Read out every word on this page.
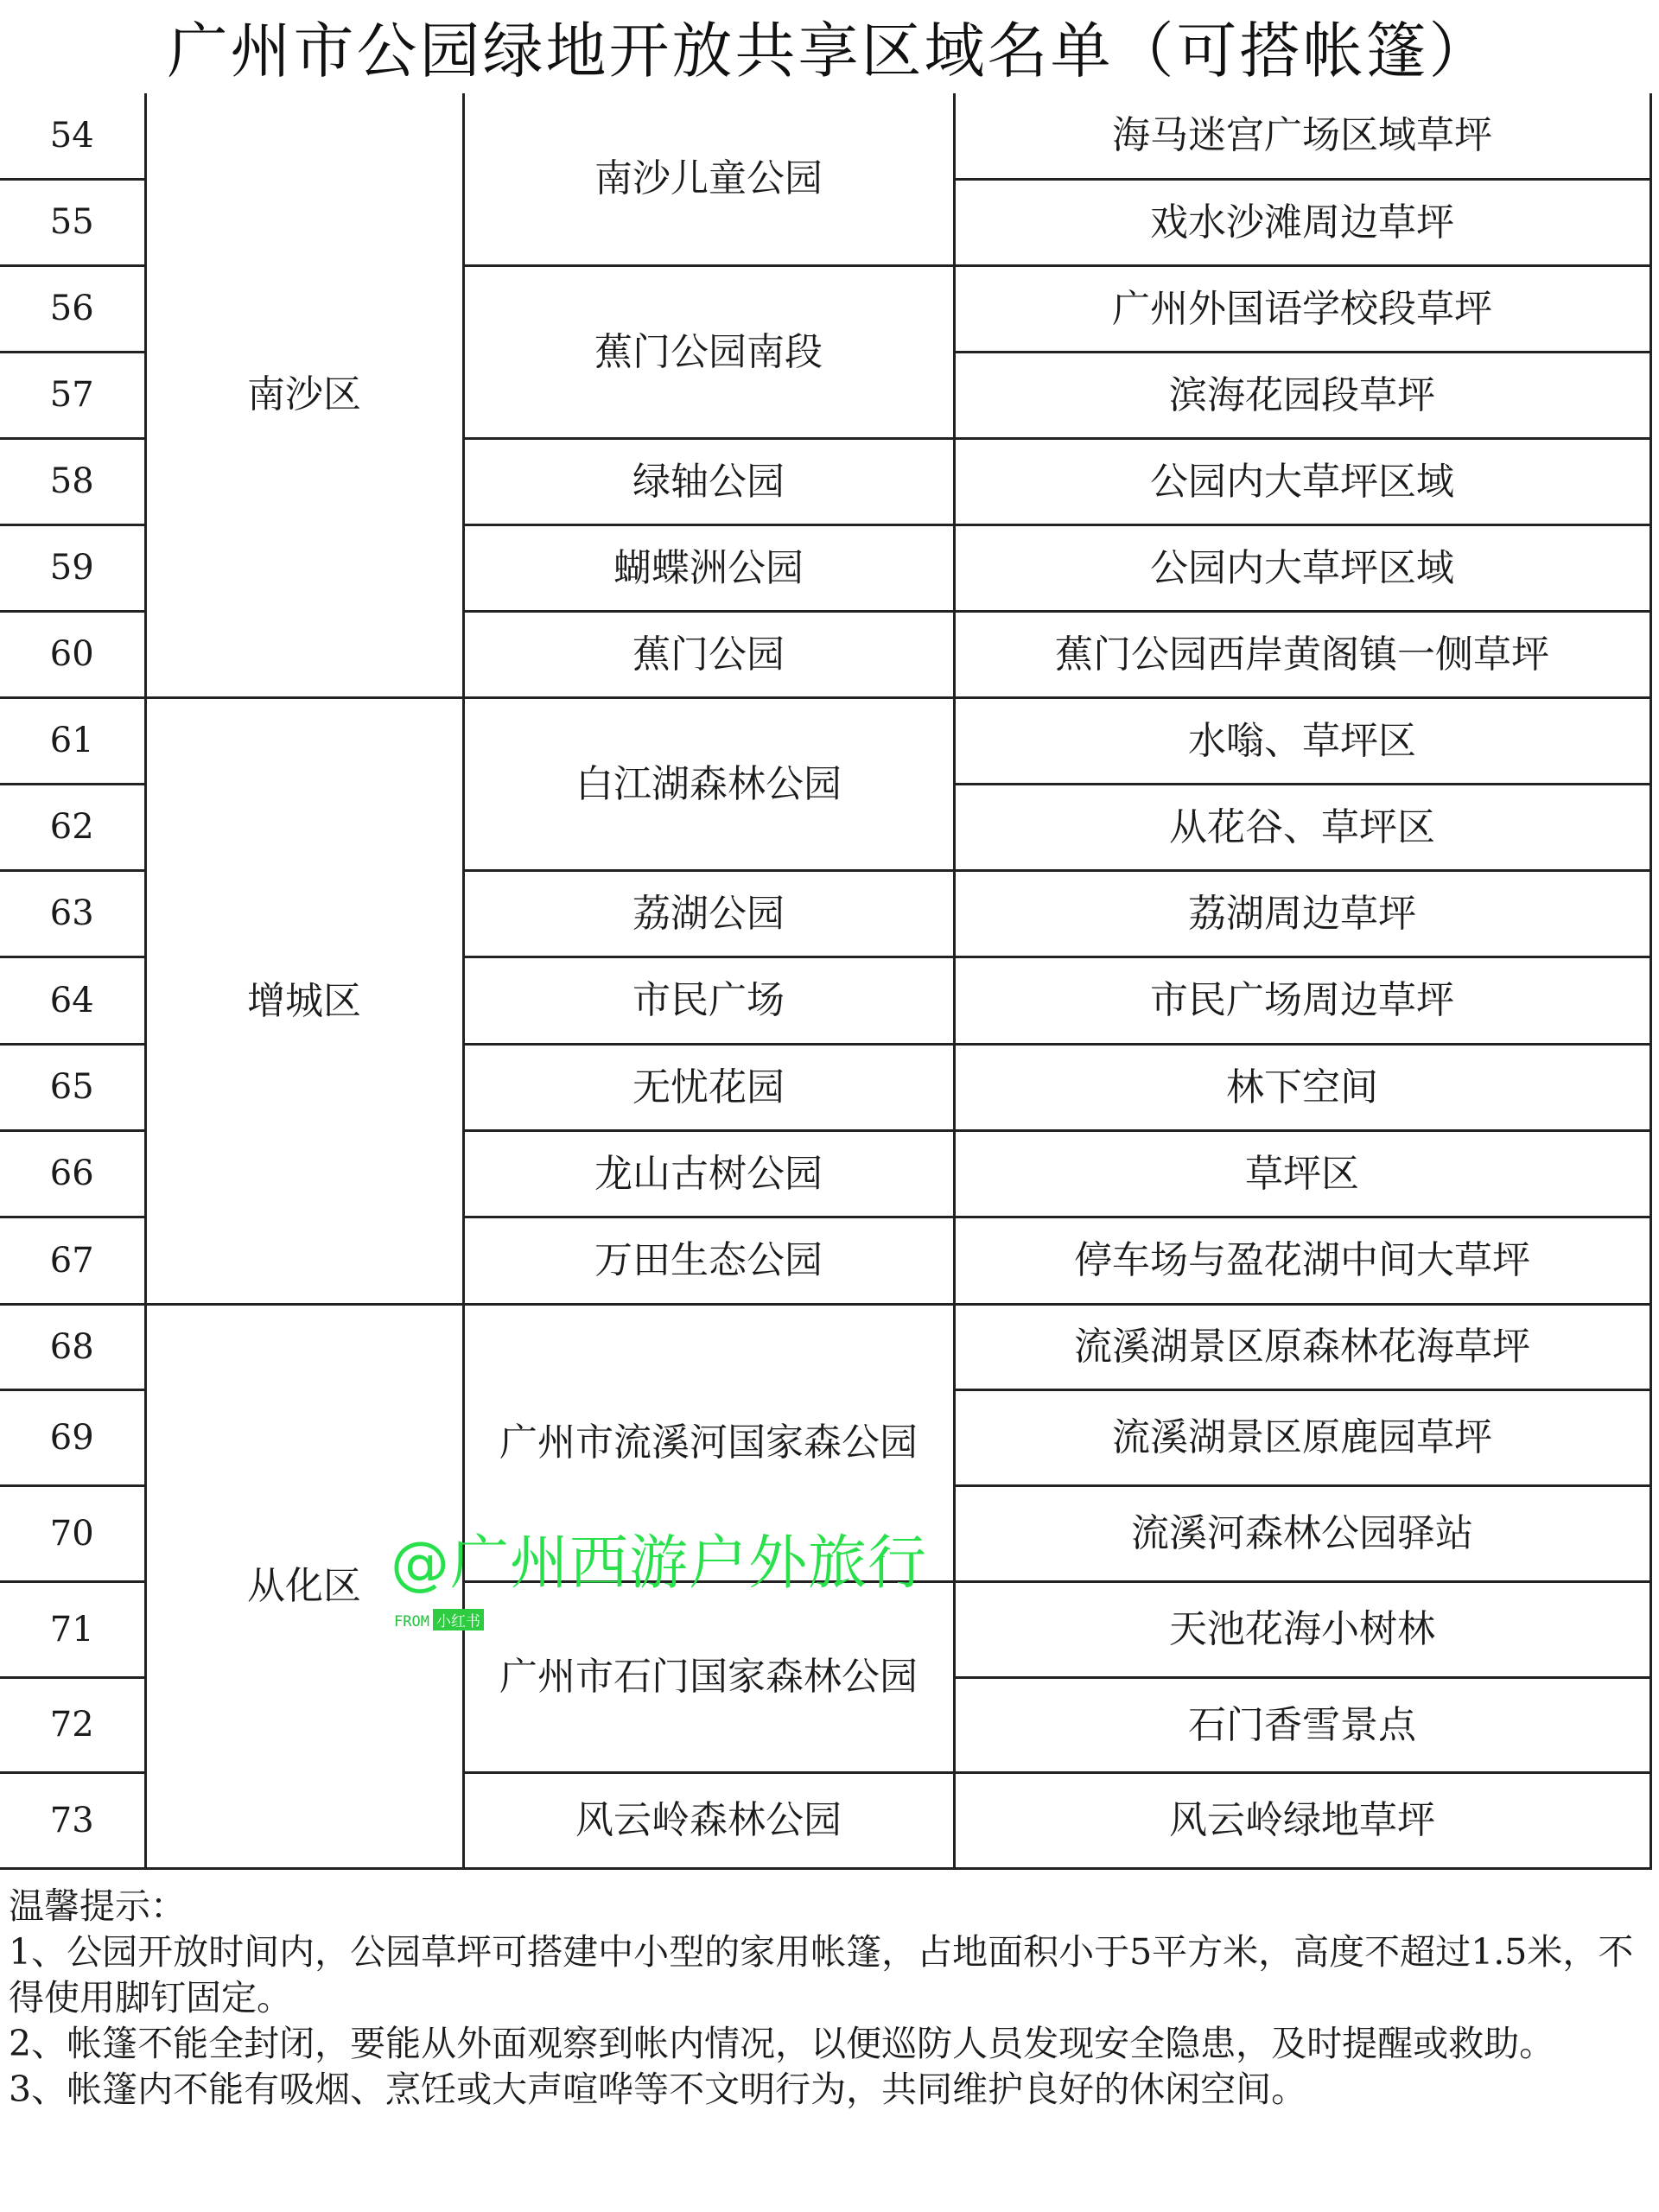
广州市公园绿地开放共享区域名单（可搭帐篷）
54	南沙区	南沙儿童公园	海马迷宫广场区域草坪
55			戏水沙滩周边草坪
56		蕉门公园南段	广州外国语学校段草坪
57			滨海花园段草坪
58		绿轴公园	公园内大草坪区域
59		蝴蝶洲公园	公园内大草坪区域
60		蕉门公园	蕉门公园西岸黄阁镇一侧草坪
61	增城区	白江湖森林公园	水嗡、草坪区
62			从花谷、草坪区
63		荔湖公园	荔湖周边草坪
64		市民广场	市民广场周边草坪
65		无忧花园	林下空间
66		龙山古树公园	草坪区
67		万田生态公园	停车场与盈花湖中间大草坪
68	从化区	广州市流溪河国家森公园	流溪湖景区原森林花海草坪
69			流溪湖景区原鹿园草坪
70			流溪河森林公园驿站
71		广州市石门国家森林公园	天池花海小树林
72			石门香雪景点
73		风云岭森林公园	风云岭绿地草坪

温馨提示：

1、公园开放时间内，公园草坪可搭建中小型的家用帐篷，占地面积小于5平方米，高度不超过1.5米，不得使用脚钉固定。

2、帐篷不能全封闭，要能从外面观察到帐内情况，以便巡防人员发现安全隐患，及时提醒或救助。

3、帐篷内不能有吸烟、烹饪或大声喧哗等不文明行为，共同维护良好的休闲空间。

@广州西游户外旅行
FROM 小红书
